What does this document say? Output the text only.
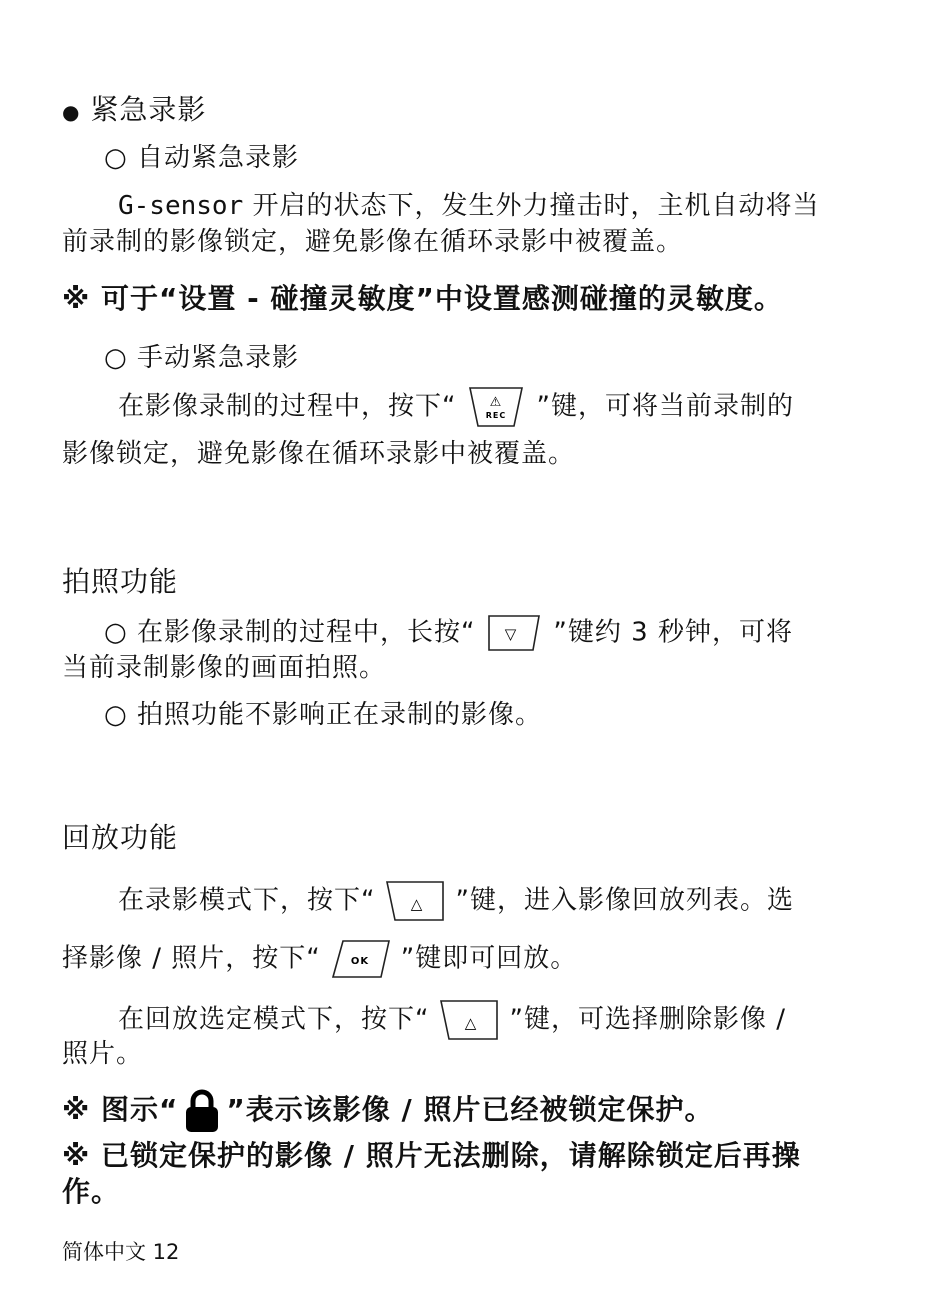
● 紧急录影
○ 自动紧急录影
G-sensor 开启的状态下，发生外力撞击时，主机自动将当
前录制的影像锁定，避免影像在循环录影中被覆盖。
※ 可于“设置 - 碰撞灵敏度”中设置感测碰撞的灵敏度。
○ 手动紧急录影
在影像录制的过程中，按下“	⚠
REC ”键，可将当前录制的
影像锁定，避免影像在循环录影中被覆盖。
拍照功能
○ 在影像录制的过程中，长按“ ▽ ”键约 3 秒钟，可将
当前录制影像的画面拍照。
○ 拍照功能不影响正在录制的影像。
回放功能
在录影模式下，按下“ △ ”键，进入影像回放列表。选
择影像 / 照片，按下“	OK ”键即可回放。
在回放选定模式下，按下“ △ ”键，可选择删除影像 /
照片。
※ 图示“ ”表示该影像 / 照片已经被锁定保护。
※ 已锁定保护的影像 / 照片无法删除，请解除锁定后再操
作。
简体中文 12
